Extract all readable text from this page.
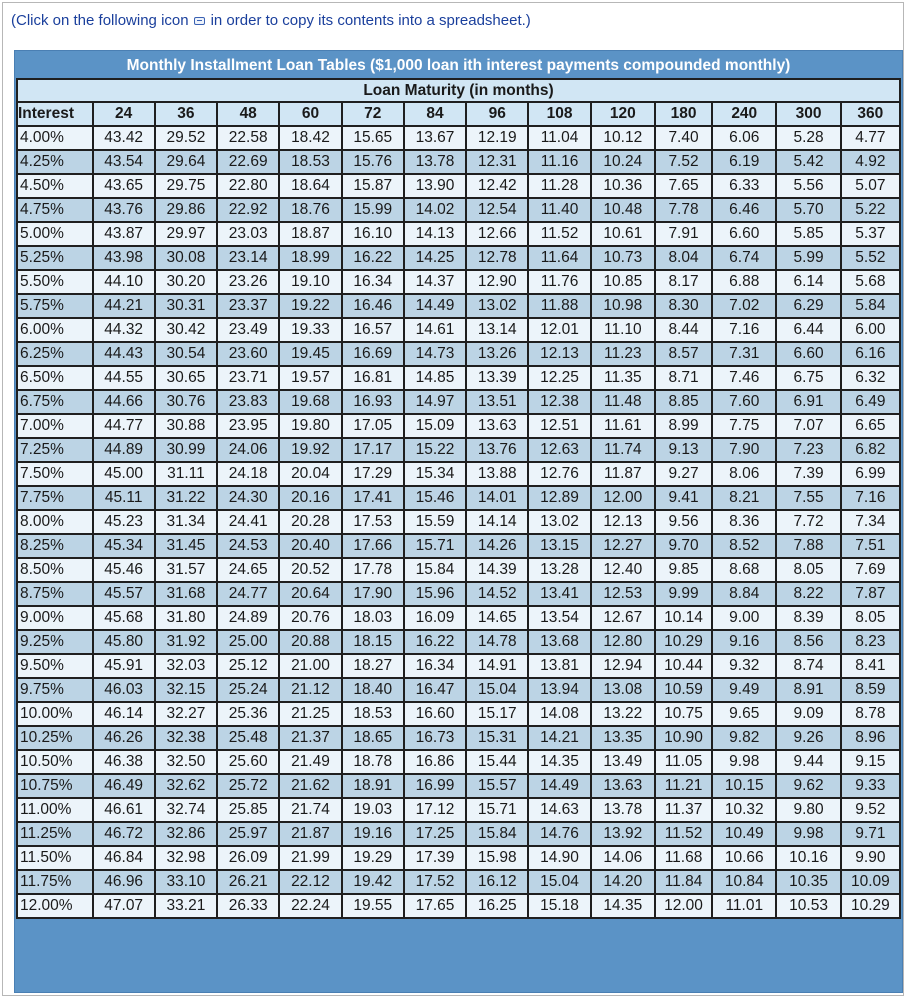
(Click on the following icon in order to copy its contents into a spreadsheet.)
Monthly Installment Loan Tables ($1,000 loan ith interest payments compounded monthly)
Loan Maturity (in months)													
Interest	24	36	48	60	72	84	96	108	120	180	240	300	360
4.00%	43.42	29.52	22.58	18.42	15.65	13.67	12.19	11.04	10.12	7.40	6.06	5.28	4.77
4.25%	43.54	29.64	22.69	18.53	15.76	13.78	12.31	11.16	10.24	7.52	6.19	5.42	4.92
4.50%	43.65	29.75	22.80	18.64	15.87	13.90	12.42	11.28	10.36	7.65	6.33	5.56	5.07
4.75%	43.76	29.86	22.92	18.76	15.99	14.02	12.54	11.40	10.48	7.78	6.46	5.70	5.22
5.00%	43.87	29.97	23.03	18.87	16.10	14.13	12.66	11.52	10.61	7.91	6.60	5.85	5.37
5.25%	43.98	30.08	23.14	18.99	16.22	14.25	12.78	11.64	10.73	8.04	6.74	5.99	5.52
5.50%	44.10	30.20	23.26	19.10	16.34	14.37	12.90	11.76	10.85	8.17	6.88	6.14	5.68
5.75%	44.21	30.31	23.37	19.22	16.46	14.49	13.02	11.88	10.98	8.30	7.02	6.29	5.84
6.00%	44.32	30.42	23.49	19.33	16.57	14.61	13.14	12.01	11.10	8.44	7.16	6.44	6.00
6.25%	44.43	30.54	23.60	19.45	16.69	14.73	13.26	12.13	11.23	8.57	7.31	6.60	6.16
6.50%	44.55	30.65	23.71	19.57	16.81	14.85	13.39	12.25	11.35	8.71	7.46	6.75	6.32
6.75%	44.66	30.76	23.83	19.68	16.93	14.97	13.51	12.38	11.48	8.85	7.60	6.91	6.49
7.00%	44.77	30.88	23.95	19.80	17.05	15.09	13.63	12.51	11.61	8.99	7.75	7.07	6.65
7.25%	44.89	30.99	24.06	19.92	17.17	15.22	13.76	12.63	11.74	9.13	7.90	7.23	6.82
7.50%	45.00	31.11	24.18	20.04	17.29	15.34	13.88	12.76	11.87	9.27	8.06	7.39	6.99
7.75%	45.11	31.22	24.30	20.16	17.41	15.46	14.01	12.89	12.00	9.41	8.21	7.55	7.16
8.00%	45.23	31.34	24.41	20.28	17.53	15.59	14.14	13.02	12.13	9.56	8.36	7.72	7.34
8.25%	45.34	31.45	24.53	20.40	17.66	15.71	14.26	13.15	12.27	9.70	8.52	7.88	7.51
8.50%	45.46	31.57	24.65	20.52	17.78	15.84	14.39	13.28	12.40	9.85	8.68	8.05	7.69
8.75%	45.57	31.68	24.77	20.64	17.90	15.96	14.52	13.41	12.53	9.99	8.84	8.22	7.87
9.00%	45.68	31.80	24.89	20.76	18.03	16.09	14.65	13.54	12.67	10.14	9.00	8.39	8.05
9.25%	45.80	31.92	25.00	20.88	18.15	16.22	14.78	13.68	12.80	10.29	9.16	8.56	8.23
9.50%	45.91	32.03	25.12	21.00	18.27	16.34	14.91	13.81	12.94	10.44	9.32	8.74	8.41
9.75%	46.03	32.15	25.24	21.12	18.40	16.47	15.04	13.94	13.08	10.59	9.49	8.91	8.59
10.00%	46.14	32.27	25.36	21.25	18.53	16.60	15.17	14.08	13.22	10.75	9.65	9.09	8.78
10.25%	46.26	32.38	25.48	21.37	18.65	16.73	15.31	14.21	13.35	10.90	9.82	9.26	8.96
10.50%	46.38	32.50	25.60	21.49	18.78	16.86	15.44	14.35	13.49	11.05	9.98	9.44	9.15
10.75%	46.49	32.62	25.72	21.62	18.91	16.99	15.57	14.49	13.63	11.21	10.15	9.62	9.33
11.00%	46.61	32.74	25.85	21.74	19.03	17.12	15.71	14.63	13.78	11.37	10.32	9.80	9.52
11.25%	46.72	32.86	25.97	21.87	19.16	17.25	15.84	14.76	13.92	11.52	10.49	9.98	9.71
11.50%	46.84	32.98	26.09	21.99	19.29	17.39	15.98	14.90	14.06	11.68	10.66	10.16	9.90
11.75%	46.96	33.10	26.21	22.12	19.42	17.52	16.12	15.04	14.20	11.84	10.84	10.35	10.09
12.00%	47.07	33.21	26.33	22.24	19.55	17.65	16.25	15.18	14.35	12.00	11.01	10.53	10.29
